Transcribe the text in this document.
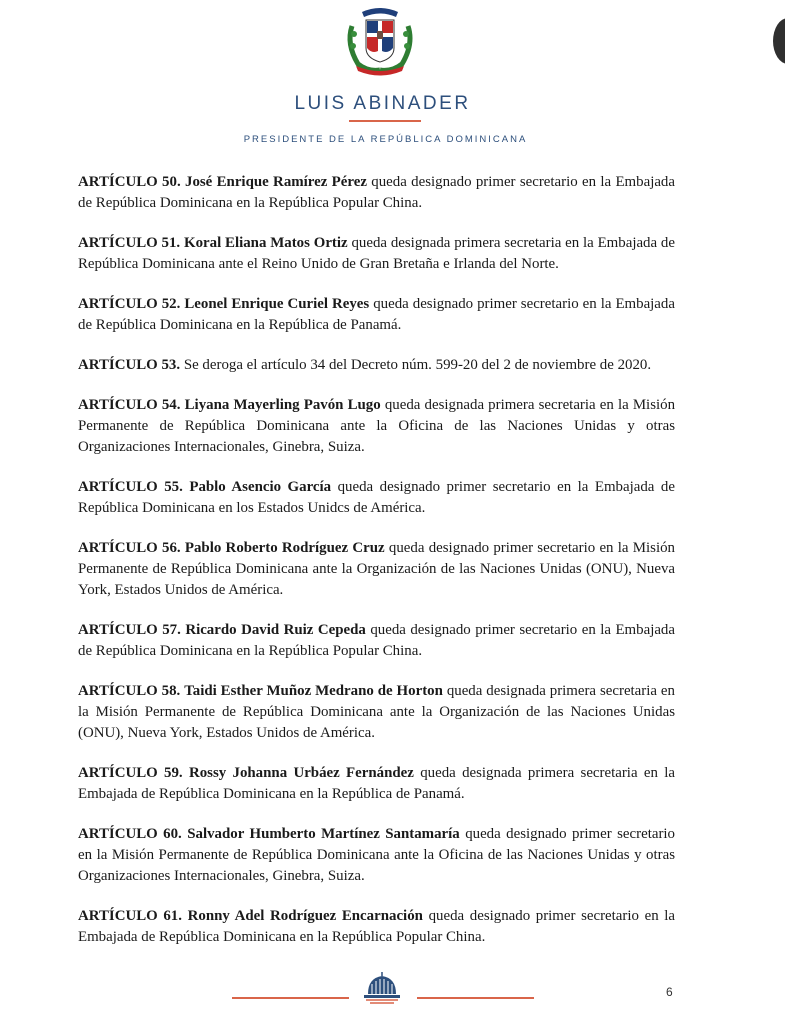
LUIS ABINADER
PRESIDENTE DE LA REPÚBLICA DOMINICANA

ARTÍCULO 50. José Enrique Ramírez Pérez queda designado primer secretario en la Embajada de República Dominicana en la República Popular China.

ARTÍCULO 51. Koral Eliana Matos Ortiz queda designada primera secretaria en la Embajada de República Dominicana ante el Reino Unido de Gran Bretaña e Irlanda del Norte.

ARTÍCULO 52. Leonel Enrique Curiel Reyes queda designado primer secretario en la Embajada de República Dominicana en la República de Panamá.

ARTÍCULO 53. Se deroga el artículo 34 del Decreto núm. 599-20 del 2 de noviembre de 2020.

ARTÍCULO 54. Liyana Mayerling Pavón Lugo queda designada primera secretaria en la Misión Permanente de República Dominicana ante la Oficina de las Naciones Unidas y otras Organizaciones Internacionales, Ginebra, Suiza.

ARTÍCULO 55. Pablo Asencio García queda designado primer secretario en la Embajada de República Dominicana en los Estados Unidcs de América.

ARTÍCULO 56. Pablo Roberto Rodríguez Cruz queda designado primer secretario en la Misión Permanente de República Dominicana ante la Organización de las Naciones Unidas (ONU), Nueva York, Estados Unidos de América.

ARTÍCULO 57. Ricardo David Ruiz Cepeda queda designado primer secretario en la Embajada de República Dominicana en la República Popular China.

ARTÍCULO 58. Taidi Esther Muñoz Medrano de Horton queda designada primera secretaria en la Misión Permanente de República Dominicana ante la Organización de las Naciones Unidas (ONU), Nueva York, Estados Unidos de América.

ARTÍCULO 59. Rossy Johanna Urbáez Fernández queda designada primera secretaria en la Embajada de República Dominicana en la República de Panamá.

ARTÍCULO 60. Salvador Humberto Martínez Santamaría queda designado primer secretario en la Misión Permanente de República Dominicana ante la Oficina de las Naciones Unidas y otras Organizaciones Internacionales, Ginebra, Suiza.

ARTÍCULO 61. Ronny Adel Rodríguez Encarnación queda designado primer secretario en la Embajada de República Dominicana en la República Popular China.

6
